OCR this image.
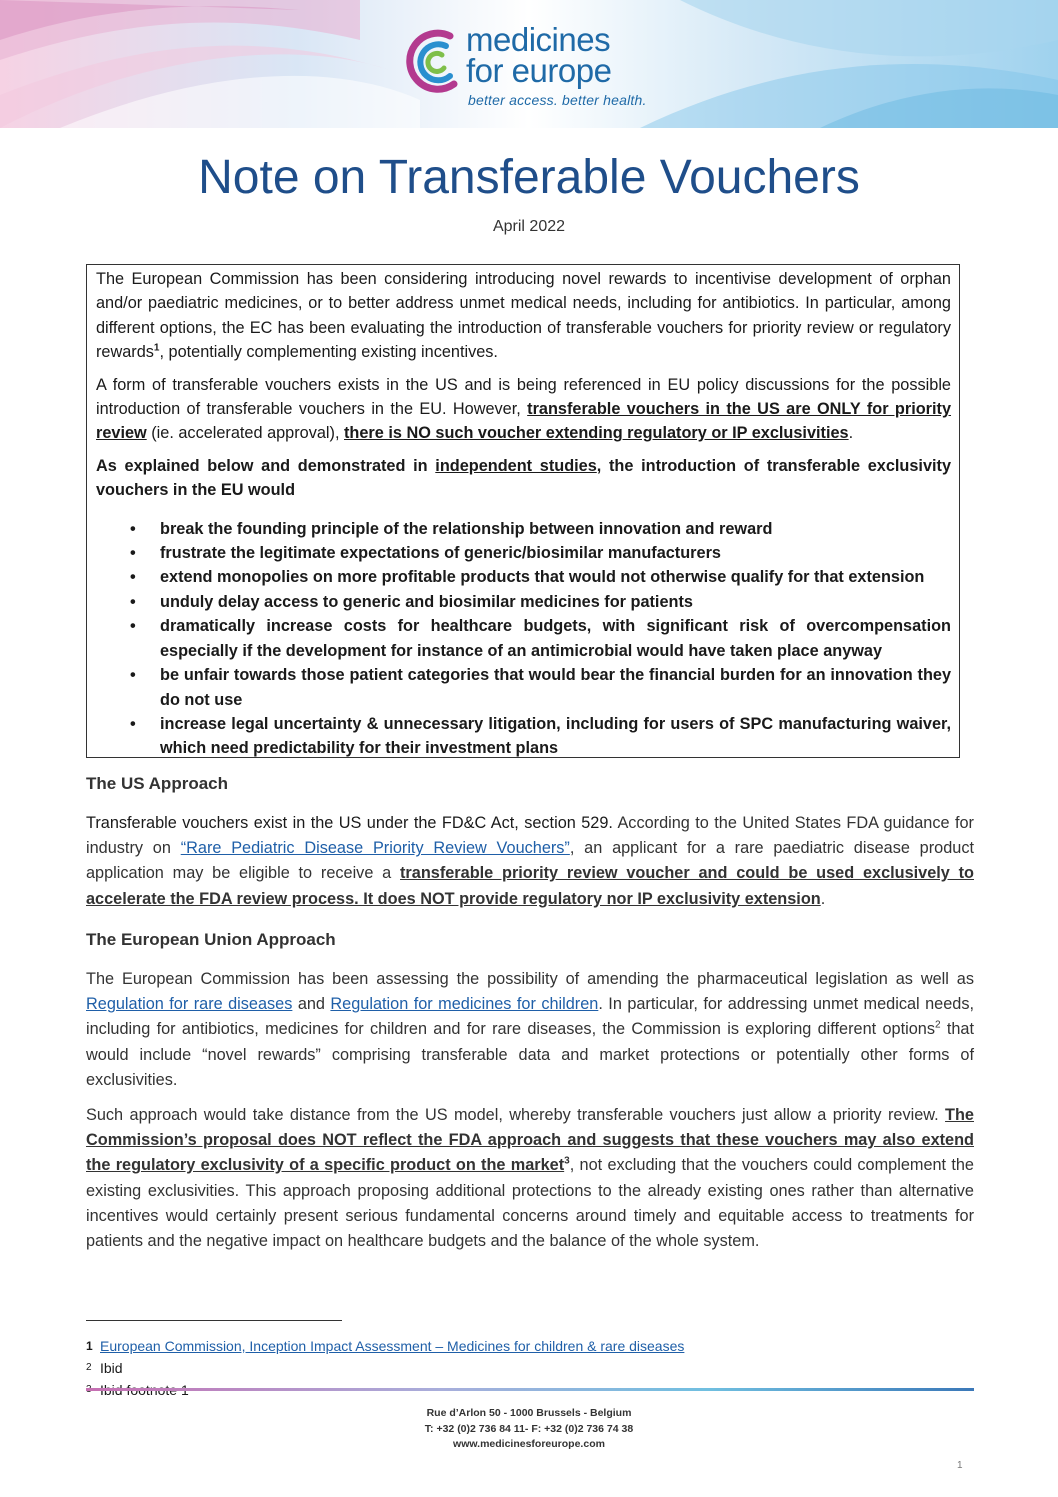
medicines
for europe
better access. better health.
Note on Transferable Vouchers
April 2022

The European Commission has been considering introducing novel rewards to incentivise development of orphan and/or paediatric medicines, or to better address unmet medical needs, including for antibiotics. In particular, among different options, the EC has been evaluating the introduction of transferable vouchers for priority review or regulatory rewards$^1$, potentially complementing existing incentives.

A form of transferable vouchers exists in the US and is being referenced in EU policy discussions for the possible introduction of transferable vouchers in the EU. However, transferable vouchers in the US are ONLY for priority review (ie. accelerated approval), there is NO such voucher extending regulatory or IP exclusivities.

As explained below and demonstrated in independent studies, the introduction of transferable exclusivity vouchers in the EU would

• break the founding principle of the relationship between innovation and reward
• frustrate the legitimate expectations of generic/biosimilar manufacturers
• extend monopolies on more profitable products that would not otherwise qualify for that extension
• unduly delay access to generic and biosimilar medicines for patients
• dramatically increase costs for healthcare budgets, with significant risk of overcompensation especially if the development for instance of an antimicrobial would have taken place anyway
• be unfair towards those patient categories that would bear the financial burden for an innovation they do not use
• increase legal uncertainty & unnecessary litigation, including for users of SPC manufacturing waiver, which need predictability for their investment plans
The US Approach

Transferable vouchers exist in the US under the FD&C Act, section 529. According to the United States FDA guidance for industry on “Rare Pediatric Disease Priority Review Vouchers”, an applicant for a rare paediatric disease product application may be eligible to receive a transferable priority review voucher and could be used exclusively to accelerate the FDA review process. It does NOT provide regulatory nor IP exclusivity extension.

The European Union Approach

The European Commission has been assessing the possibility of amending the pharmaceutical legislation as well as Regulation for rare diseases and Regulation for medicines for children. In particular, for addressing unmet medical needs, including for antibiotics, medicines for children and for rare diseases, the Commission is exploring different options$^2$ that would include “novel rewards” comprising transferable data and market protections or potentially other forms of exclusivities.

Such approach would take distance from the US model, whereby transferable vouchers just allow a priority review. The Commission’s proposal does NOT reflect the FDA approach and suggests that these vouchers may also extend the regulatory exclusivity of a specific product on the market$^3$, not excluding that the vouchers could complement the existing exclusivities. This approach proposing additional protections to the already existing ones rather than alternative incentives would certainly present serious fundamental concerns around timely and equitable access to treatments for patients and the negative impact on healthcare budgets and the balance of the whole system.

1 European Commission, Inception Impact Assessment – Medicines for children & rare diseases
2 Ibid
Rue d’Arlon 50 - 1000 Brussels - Belgium
T: +32 (0)2 736 84 11- F: +32 (0)2 736 74 38
www.medicinesforeurope.com
1
